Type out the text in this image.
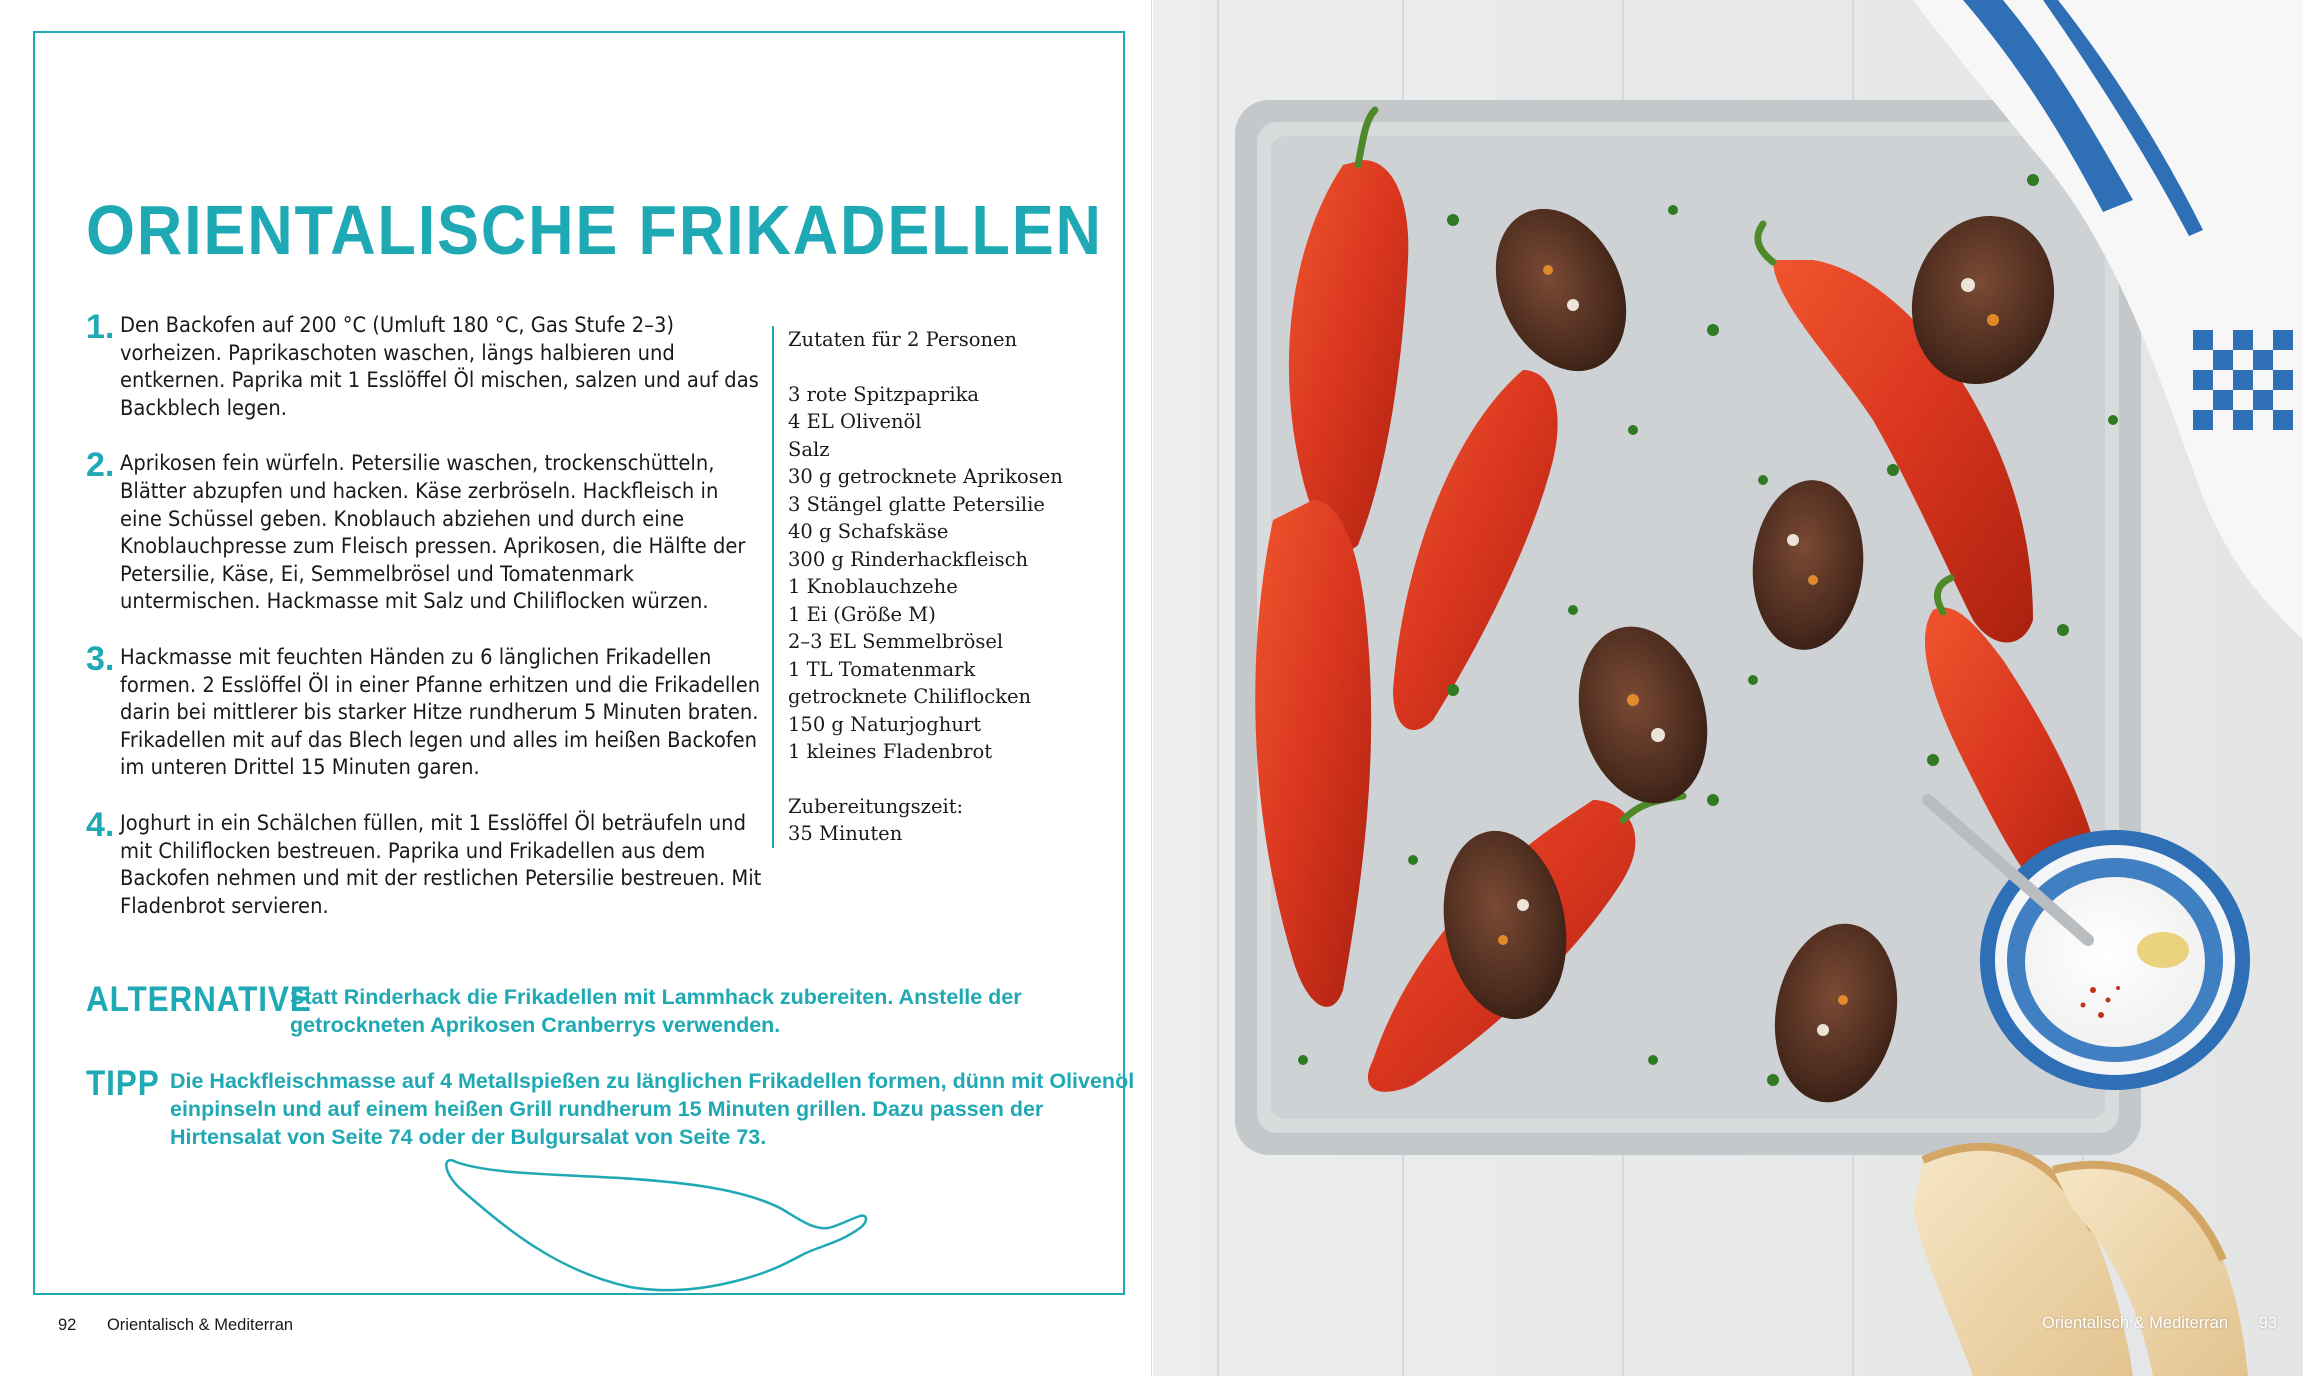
ORIENTALISCHE FRIKADELLEN
1. Den Backofen auf 200 °C (Umluft 180 °C, Gas Stufe 2–3) vorheizen. Paprikaschoten waschen, längs halbieren und entkernen. Paprika mit 1 Esslöffel Öl mischen, salzen und auf das Backblech legen.
2. Aprikosen fein würfeln. Petersilie waschen, trockenschütteln, Blätter abzupfen und hacken. Käse zerbröseln. Hackfleisch in eine Schüssel geben. Knoblauch abziehen und durch eine Knoblauchpresse zum Fleisch pressen. Aprikosen, die Hälfte der Petersilie, Käse, Ei, Semmelbrösel und Tomatenmark untermischen. Hackmasse mit Salz und Chiliflocken würzen.
3. Hackmasse mit feuchten Händen zu 6 länglichen Frikadellen formen. 2 Esslöffel Öl in einer Pfanne erhitzen und die Frikadellen darin bei mittlerer bis starker Hitze rundherum 5 Minuten braten. Frikadellen mit auf das Blech legen und alles im heißen Backofen im unteren Drittel 15 Minuten garen.
4. Joghurt in ein Schälchen füllen, mit 1 Esslöffel Öl beträufeln und mit Chiliflocken bestreuen. Paprika und Frikadellen aus dem Backofen nehmen und mit der restlichen Petersilie bestreuen. Mit Fladenbrot servieren.
Zutaten für 2 Personen
3 rote Spitzpaprika
4 EL Olivenöl
Salz
30 g getrocknete Aprikosen
3 Stängel glatte Petersilie
40 g Schafskäse
300 g Rinderhackfleisch
1 Knoblauchzehe
1 Ei (Größe M)
2–3 EL Semmelbrösel
1 TL Tomatenmark
getrocknete Chiliflocken
150 g Naturjoghurt
1 kleines Fladenbrot
Zubereitungszeit:
35 Minuten
ALTERNATIVE
Statt Rinderhack die Frikadellen mit Lammhack zubereiten. Anstelle der getrockneten Aprikosen Cranberrys verwenden.
TIPP Die Hackfleischmasse auf 4 Metallspießen zu länglichen Frikadellen formen, dünn mit Olivenöl einpinseln und auf einem heißen Grill rundherum 15 Minuten grillen. Dazu passen der Hirtensalat von Seite 74 oder der Bulgursalat von Seite 73.
92 Orientalisch & Mediterran	Orientalisch & Mediterran 93
